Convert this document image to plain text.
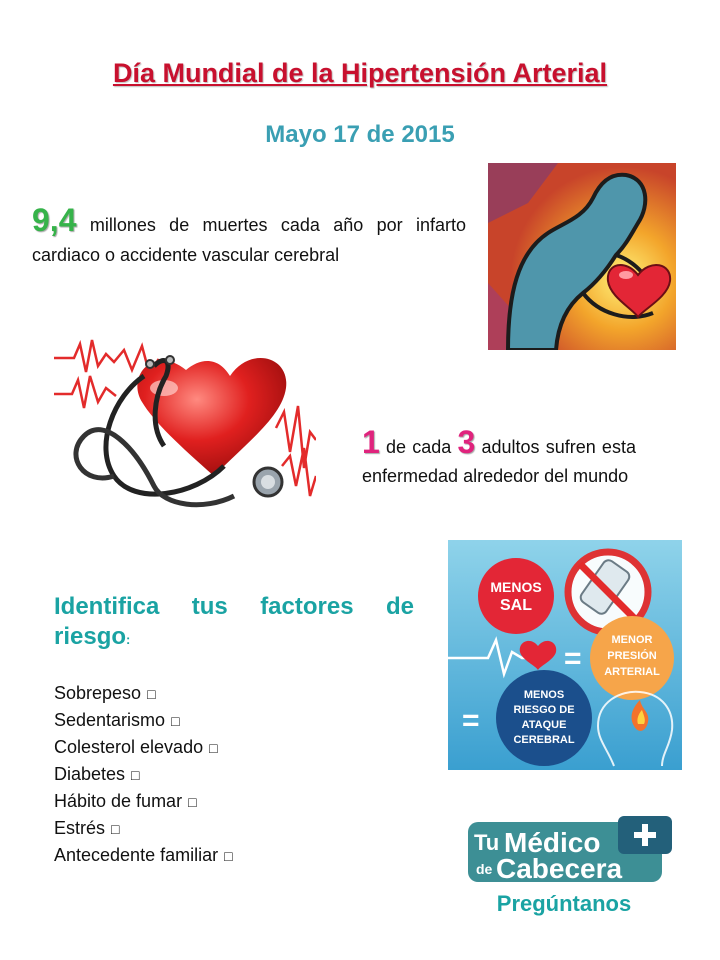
Día Mundial de la Hipertensión Arterial
Mayo 17 de 2015
9,4 millones de muertes cada año por infarto cardiaco o accidente vascular cerebral
1 de cada 3 adultos sufren esta enfermedad alrededor del mundo
MENOS
SAL
=
MENOR
PRESIÓN
ARTERIAL
=
MENOS
RIESGO DE
ATAQUE
CEREBRAL
Identifica tus factores de riesgo:
Sobrepeso □
Sedentarismo □
Colesterol elevado □
Diabetes □
Hábito de fumar □
Estrés □
Antecedente familiar □
Tu Médico
de Cabecera
Pregúntanos
